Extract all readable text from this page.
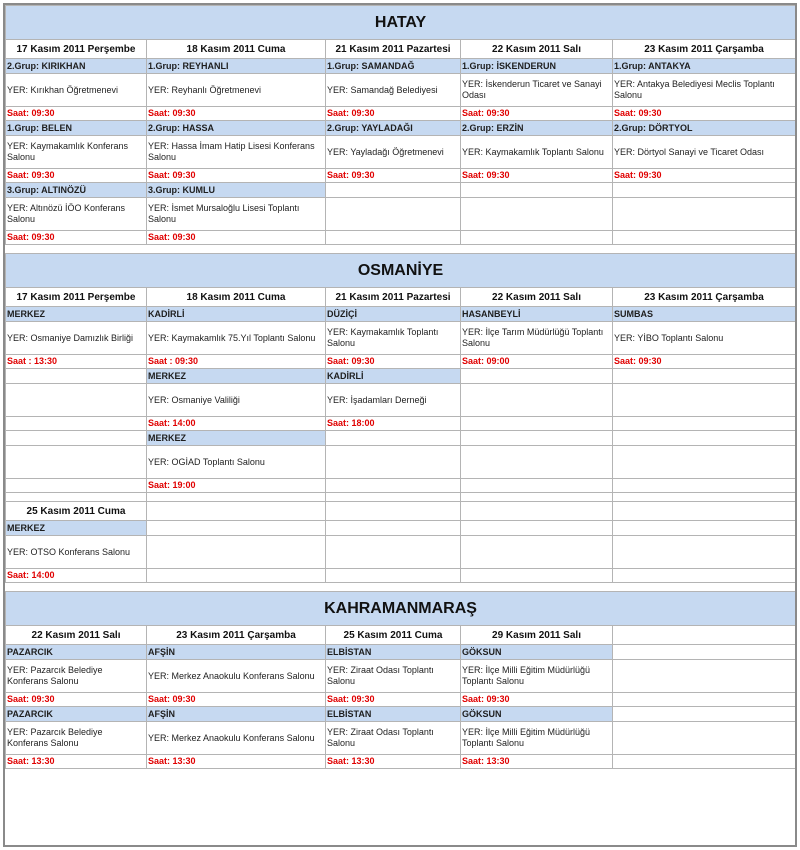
HATAY				
17 Kasım 2011 Perşembe	18 Kasım 2011 Cuma	21 Kasım 2011 Pazartesi	22 Kasım 2011 Salı	23 Kasım 2011 Çarşamba
2.Grup: KIRIKHAN	1.Grup: REYHANLI	1.Grup: SAMANDAĞ	1.Grup: İSKENDERUN	1.Grup: ANTAKYA
YER: Kırıkhan Öğretmenevi	YER: Reyhanlı Öğretmenevi	YER: Samandağ Belediyesi	YER: İskenderun Ticaret ve Sanayi Odası	YER: Antakya Belediyesi Meclis Toplantı Salonu
Saat: 09:30	Saat: 09:30	Saat: 09:30	Saat: 09:30	Saat: 09:30
1.Grup: BELEN	2.Grup: HASSA	2.Grup: YAYLADAĞI	2.Grup: ERZİN	2.Grup: DÖRTYOL
YER: Kaymakamlık Konferans Salonu	YER: Hassa İmam Hatip Lisesi Konferans Salonu	YER: Yayladağı Öğretmenevi	YER: Kaymakamlık Toplantı Salonu	YER: Dörtyol Sanayi ve Ticaret Odası
Saat: 09:30	Saat: 09:30	Saat: 09:30	Saat: 09:30	Saat: 09:30
3.Grup: ALTINÖZÜ	3.Grup: KUMLU			
YER: Altınözü İÖO Konferans Salonu	YER: İsmet Mursaloğlu Lisesi Toplantı Salonu			
Saat: 09:30	Saat: 09:30			

OSMANİYE				
17 Kasım 2011 Perşembe	18 Kasım 2011 Cuma	21 Kasım 2011 Pazartesi	22 Kasım 2011 Salı	23 Kasım 2011 Çarşamba
MERKEZ	KADİRLİ	DÜZİÇİ	HASANBEYLİ	SUMBAS
YER: Osmaniye Damızlık Birliği	YER: Kaymakamlık 75.Yıl Toplantı Salonu	YER: Kaymakamlık Toplantı Salonu	YER: İlçe Tarım Müdürlüğü Toplantı Salonu	YER: YİBO Toplantı Salonu
Saat : 13:30	Saat : 09:30	Saat: 09:30	Saat: 09:00	Saat: 09:30
	MERKEZ	KADİRLİ		
	YER: Osmaniye Valiliği	YER: İşadamları Derneği		
	Saat: 14:00	Saat: 18:00		
	MERKEZ			
	YER: OGİAD Toplantı Salonu			
	Saat: 19:00			

25 Kasım 2011 Cuma				
MERKEZ				
YER: OTSO Konferans Salonu				
Saat: 14:00				

KAHRAMANMARAŞ				
22 Kasım 2011 Salı	23 Kasım 2011 Çarşamba	25 Kasım 2011 Cuma	29 Kasım 2011 Salı	
PAZARCIK	AFŞİN	ELBİSTAN	GÖKSUN	
YER: Pazarcık Belediye Konferans Salonu	YER: Merkez Anaokulu Konferans Salonu	YER: Ziraat Odası Toplantı Salonu	YER: İlçe Milli Eğitim Müdürlüğü Toplantı Salonu	
Saat: 09:30	Saat: 09:30	Saat: 09:30	Saat: 09:30	
PAZARCIK	AFŞİN	ELBİSTAN	GÖKSUN	
YER: Pazarcık Belediye Konferans Salonu	YER: Merkez Anaokulu Konferans Salonu	YER: Ziraat Odası Toplantı Salonu	YER: İlçe Milli Eğitim Müdürlüğü Toplantı Salonu	
Saat: 13:30	Saat: 13:30	Saat: 13:30	Saat: 13:30	
